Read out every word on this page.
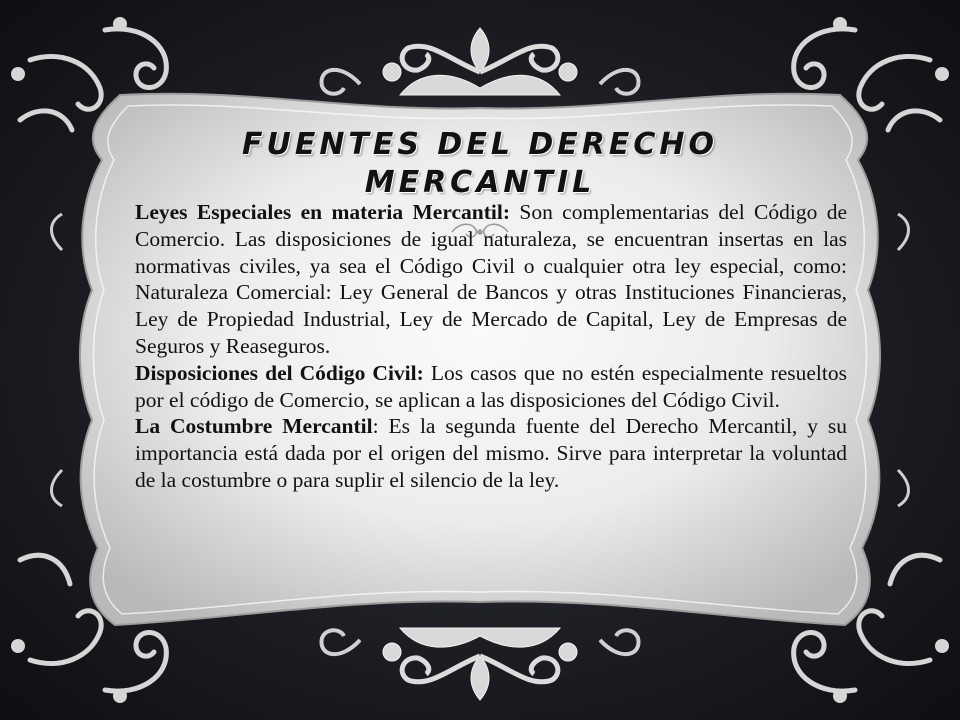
FUENTES DEL DERECHO MERCANTIL

Leyes Especiales en materia Mercantil: Son complementarias del Código de Comercio. Las disposiciones de igual naturaleza, se encuentran insertas en las normativas civiles, ya sea el Código Civil o cualquier otra ley especial, como: Naturaleza Comercial: Ley General de Bancos y otras Instituciones Financieras, Ley de Propiedad Industrial, Ley de Mercado de Capital, Ley de Empresas de Seguros y Reaseguros.

Disposiciones del Código Civil: Los casos que no estén especialmente resueltos por el código de Comercio, se aplican a las disposiciones del Código Civil.

La Costumbre Mercantil: Es la segunda fuente del Derecho Mercantil, y su importancia está dada por el origen del mismo. Sirve para interpretar la voluntad de la costumbre o para suplir el silencio de la ley.
